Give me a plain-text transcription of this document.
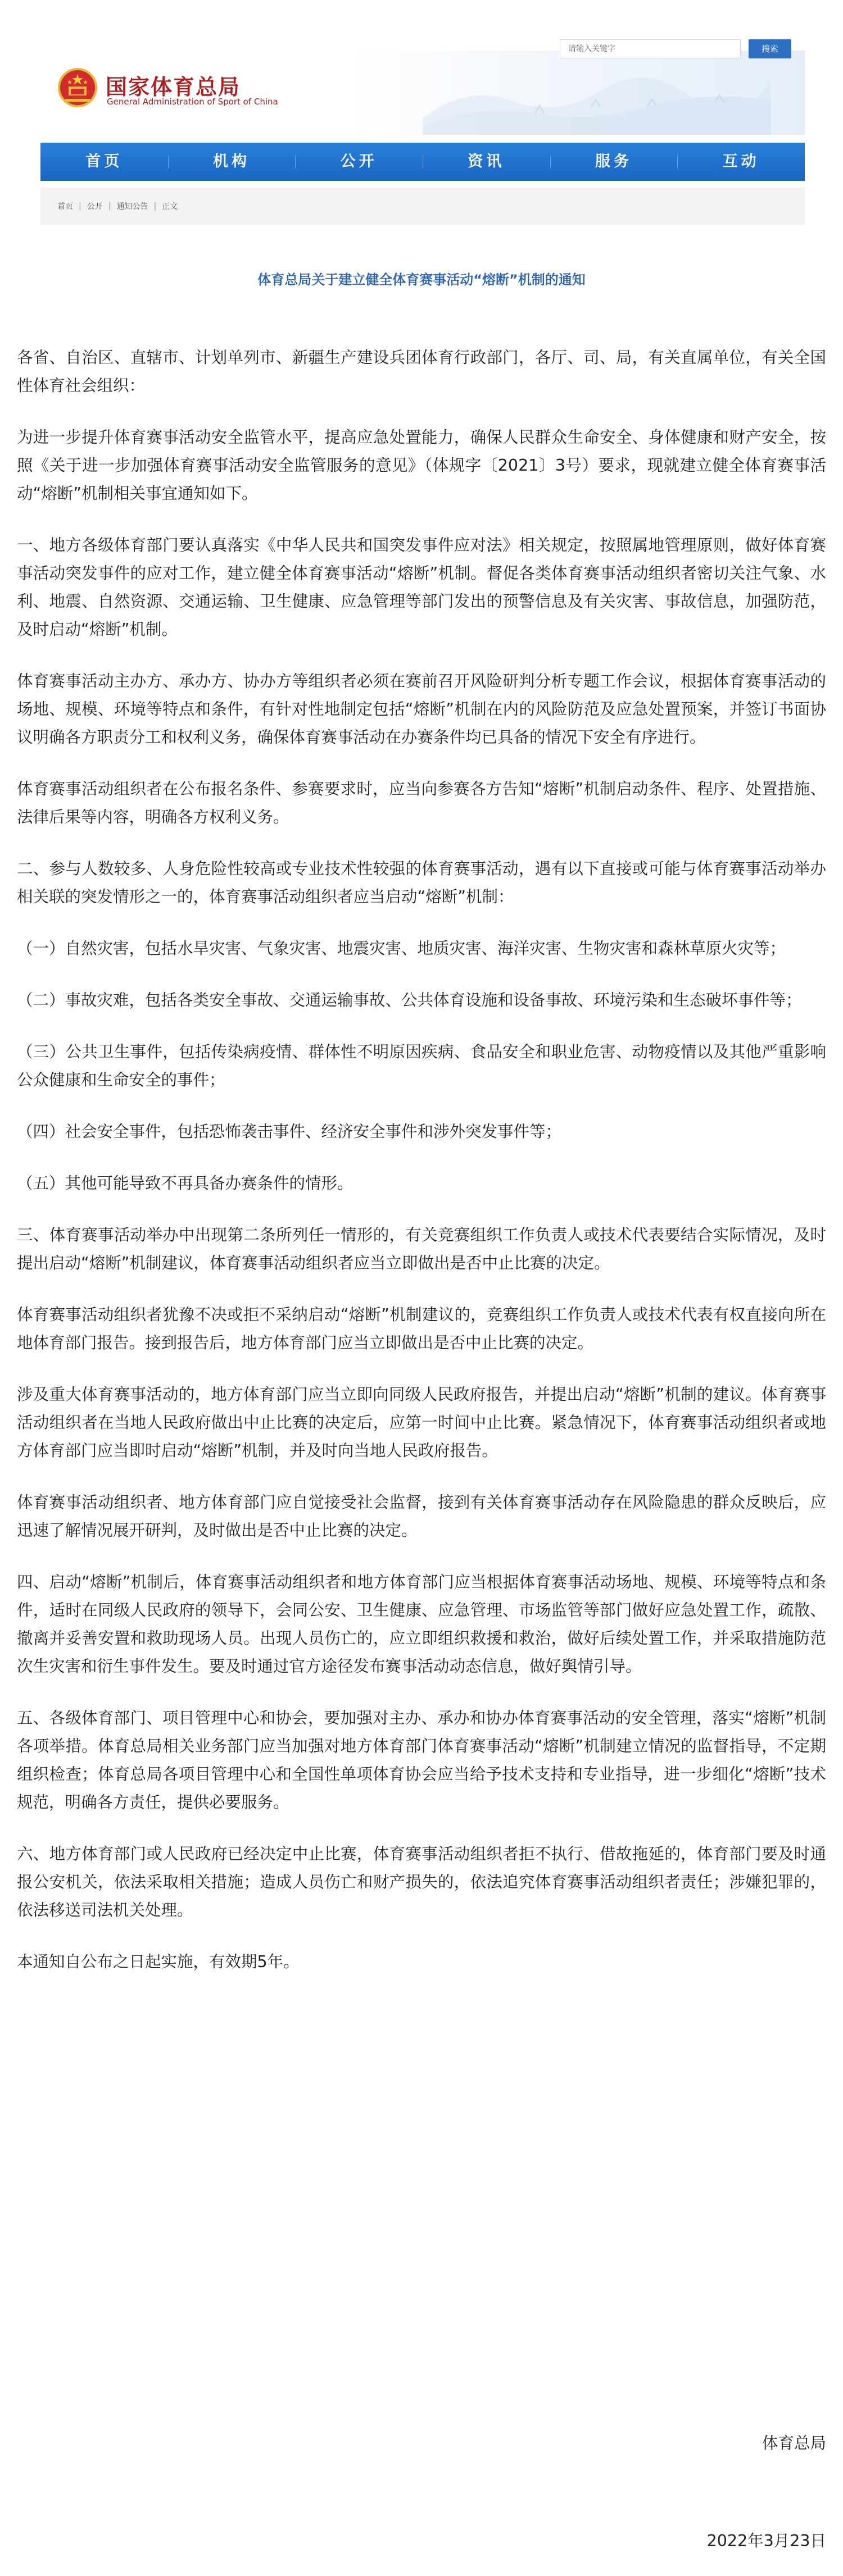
国家体育总局
General Administration of Sport of China
请输入关键字
搜索
首页	机构	公开	资讯	服务	互动
首页 | 公开 | 通知公告 | 正文
体育总局关于建立健全体育赛事活动“熔断”机制的通知

各省、自治区、直辖市、计划单列市、新疆生产建设兵团体育行政部门，各厅、司、局，有关直属单位，有关全国性体育社会组织：

为进一步提升体育赛事活动安全监管水平，提高应急处置能力，确保人民群众生命安全、身体健康和财产安全，按照《关于进一步加强体育赛事活动安全监管服务的意见》（体规字〔2021〕3号）要求，现就建立健全体育赛事活动“熔断”机制相关事宜通知如下。

一、地方各级体育部门要认真落实《中华人民共和国突发事件应对法》相关规定，按照属地管理原则，做好体育赛事活动突发事件的应对工作，建立健全体育赛事活动“熔断”机制。督促各类体育赛事活动组织者密切关注气象、水利、地震、自然资源、交通运输、卫生健康、应急管理等部门发出的预警信息及有关灾害、事故信息，加强防范，及时启动“熔断”机制。

体育赛事活动主办方、承办方、协办方等组织者必须在赛前召开风险研判分析专题工作会议，根据体育赛事活动的场地、规模、环境等特点和条件，有针对性地制定包括“熔断”机制在内的风险防范及应急处置预案，并签订书面协议明确各方职责分工和权利义务，确保体育赛事活动在办赛条件均已具备的情况下安全有序进行。

体育赛事活动组织者在公布报名条件、参赛要求时，应当向参赛各方告知“熔断”机制启动条件、程序、处置措施、法律后果等内容，明确各方权利义务。

二、参与人数较多、人身危险性较高或专业技术性较强的体育赛事活动，遇有以下直接或可能与体育赛事活动举办相关联的突发情形之一的，体育赛事活动组织者应当启动“熔断”机制：

（一）自然灾害，包括水旱灾害、气象灾害、地震灾害、地质灾害、海洋灾害、生物灾害和森林草原火灾等；

（二）事故灾难，包括各类安全事故、交通运输事故、公共体育设施和设备事故、环境污染和生态破坏事件等；

（三）公共卫生事件，包括传染病疫情、群体性不明原因疾病、食品安全和职业危害、动物疫情以及其他严重影响公众健康和生命安全的事件；

（四）社会安全事件，包括恐怖袭击事件、经济安全事件和涉外突发事件等；

（五）其他可能导致不再具备办赛条件的情形。

三、体育赛事活动举办中出现第二条所列任一情形的，有关竞赛组织工作负责人或技术代表要结合实际情况，及时提出启动“熔断”机制建议，体育赛事活动组织者应当立即做出是否中止比赛的决定。

体育赛事活动组织者犹豫不决或拒不采纳启动“熔断”机制建议的，竞赛组织工作负责人或技术代表有权直接向所在地体育部门报告。接到报告后，地方体育部门应当立即做出是否中止比赛的决定。

涉及重大体育赛事活动的，地方体育部门应当立即向同级人民政府报告，并提出启动“熔断”机制的建议。体育赛事活动组织者在当地人民政府做出中止比赛的决定后，应第一时间中止比赛。紧急情况下，体育赛事活动组织者或地方体育部门应当即时启动“熔断”机制，并及时向当地人民政府报告。

体育赛事活动组织者、地方体育部门应自觉接受社会监督，接到有关体育赛事活动存在风险隐患的群众反映后，应迅速了解情况展开研判，及时做出是否中止比赛的决定。

四、启动“熔断”机制后，体育赛事活动组织者和地方体育部门应当根据体育赛事活动场地、规模、环境等特点和条件，适时在同级人民政府的领导下，会同公安、卫生健康、应急管理、市场监管等部门做好应急处置工作，疏散、撤离并妥善安置和救助现场人员。出现人员伤亡的，应立即组织救援和救治，做好后续处置工作，并采取措施防范次生灾害和衍生事件发生。要及时通过官方途径发布赛事活动动态信息，做好舆情引导。

五、各级体育部门、项目管理中心和协会，要加强对主办、承办和协办体育赛事活动的安全管理，落实“熔断”机制各项举措。体育总局相关业务部门应当加强对地方体育部门体育赛事活动“熔断”机制建立情况的监督指导，不定期组织检查；体育总局各项目管理中心和全国性单项体育协会应当给予技术支持和专业指导，进一步细化“熔断”技术规范，明确各方责任，提供必要服务。

六、地方体育部门或人民政府已经决定中止比赛，体育赛事活动组织者拒不执行、借故拖延的，体育部门要及时通报公安机关，依法采取相关措施；造成人员伤亡和财产损失的，依法追究体育赛事活动组织者责任；涉嫌犯罪的，依法移送司法机关处理。

本通知自公布之日起实施，有效期5年。

体育总局
2022年3月23日
